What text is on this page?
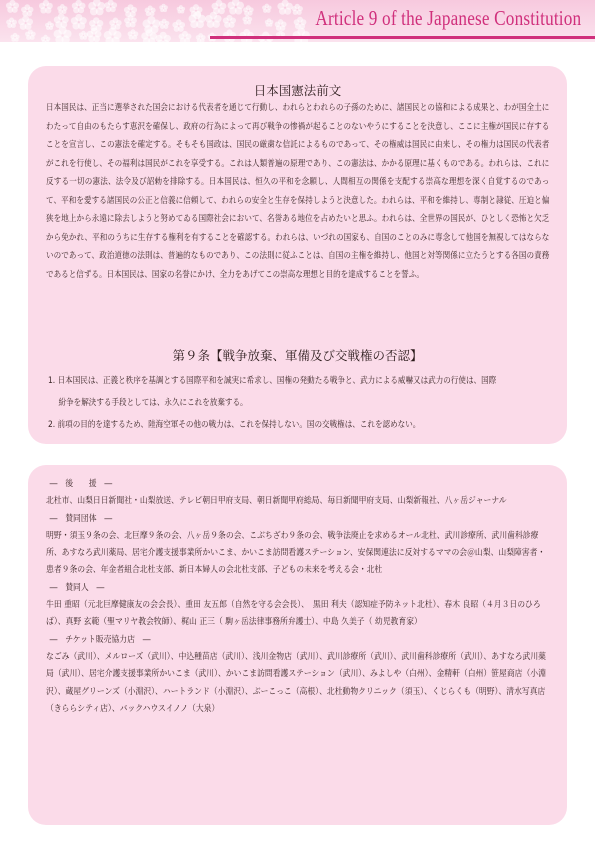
Article 9 of the Japanese Constitution
日本国憲法前文
日本国民は、正当に選挙された国会における代表者を通じて行動し、われらとわれらの子孫のために、諸国民との協和による成果と、わが国全土にわたって自由のもたらす恵沢を確保し、政府の行為によって再び戦争の惨禍が起ることのないやうにすることを決意し、ここに主権が国民に存することを宣言し、この憲法を確定する。そもそも国政は、国民の厳粛な信託によるものであって、その権威は国民に由来し、その権力は国民の代表者がこれを行使し、その福利は国民がこれを享受する。これは人類普遍の原理であり、この憲法は、かかる原理に基くものである。われらは、これに反する一切の憲法、法令及び詔勅を排除する。日本国民は、恒久の平和を念願し、人間相互の関係を支配する崇高な理想を深く自覚するのであって、平和を愛する諸国民の公正と信義に信頼して、われらの安全と生存を保持しようと決意した。われらは、平和を維持し、専制と隷従、圧迫と偏狭を地上から永遠に除去しようと努めてゐる国際社会において、名誉ある地位を占めたいと思ふ。われらは、全世界の国民が、ひとしく恐怖と欠乏から免かれ、平和のうちに生存する権利を有することを確認する。われらは、いづれの国家も、自国のことのみに専念して他国を無視してはならないのであって、政治道徳の法則は、普遍的なものであり、この法則に従ふことは、自国の主権を維持し、他国と対等関係に立たうとする各国の責務であると信ずる。日本国民は、国家の名誉にかけ、全力をあげてこの崇高な理想と目的を達成することを誓ふ。
第９条【戦争放棄、軍備及び交戦権の否認】

1. 日本国民は、正義と秩序を基調とする国際平和を誠実に希求し、国権の発動たる戦争と、武力による威嚇又は武力の行使は、国際

紛争を解決する手段としては、永久にこれを放棄する。

2. 前項の目的を達するため、陸海空軍その他の戦力は、これを保持しない。国の交戦権は、これを認めない。

―　後　　援　―

北杜市、山梨日日新聞社・山梨放送、テレビ朝日甲府支局、朝日新聞甲府総局、毎日新聞甲府支局、山梨新報社、八ヶ岳ジャーナル

―　賛同団体　―

明野・須玉９条の会、北巨摩９条の会、八ヶ岳９条の会、こぶちざわ９条の会、戦争法廃止を求めるオール北杜、武川診療所、武川歯科診療所、あすなろ武川薬局、居宅介護支援事業所かいこま、かいこま訪問看護ステーション、安保関連法に反対するママの会＠山梨、山梨障害者・患者９条の会、年金者組合北杜支部、新日本婦人の会北杜支部、子どもの未来を考える会・北杜

―　賛同人　―

牛田 重昭（元北巨摩健康友の会会長）、重田 友五郎（自然を守る会会長）、　黒田 利夫（認知症予防ネット北杜）、春木 良昭（４月３日のひろば）、真野 玄範（聖マリヤ教会牧師）、梶山 正三（ 駒ヶ岳法律事務所弁護士）、中島 久美子（ 幼児教育家）

―　チケット販売協力店　―

なごみ（武川）、メルローズ（武川）、中込種苗店（武川）、浅川金物店（武川）、武川診療所（武川）、武川歯科診療所（武川）、あすなろ武川薬局（武川）、居宅介護支援事業所かいこま（武川）、かいこま訪問看護ステーション（武川）、みよしや（白州）、金精軒（白州）笹屋商店（小淵沢）、蔵屋グリーンズ（小淵沢）、ハートランド（小淵沢）、ぶーこっこ（高根）、北杜動物クリニック（須玉）、くじらくも（明野）、清水写真店（きららシティ店）、バックハウスイノノ（大泉）
